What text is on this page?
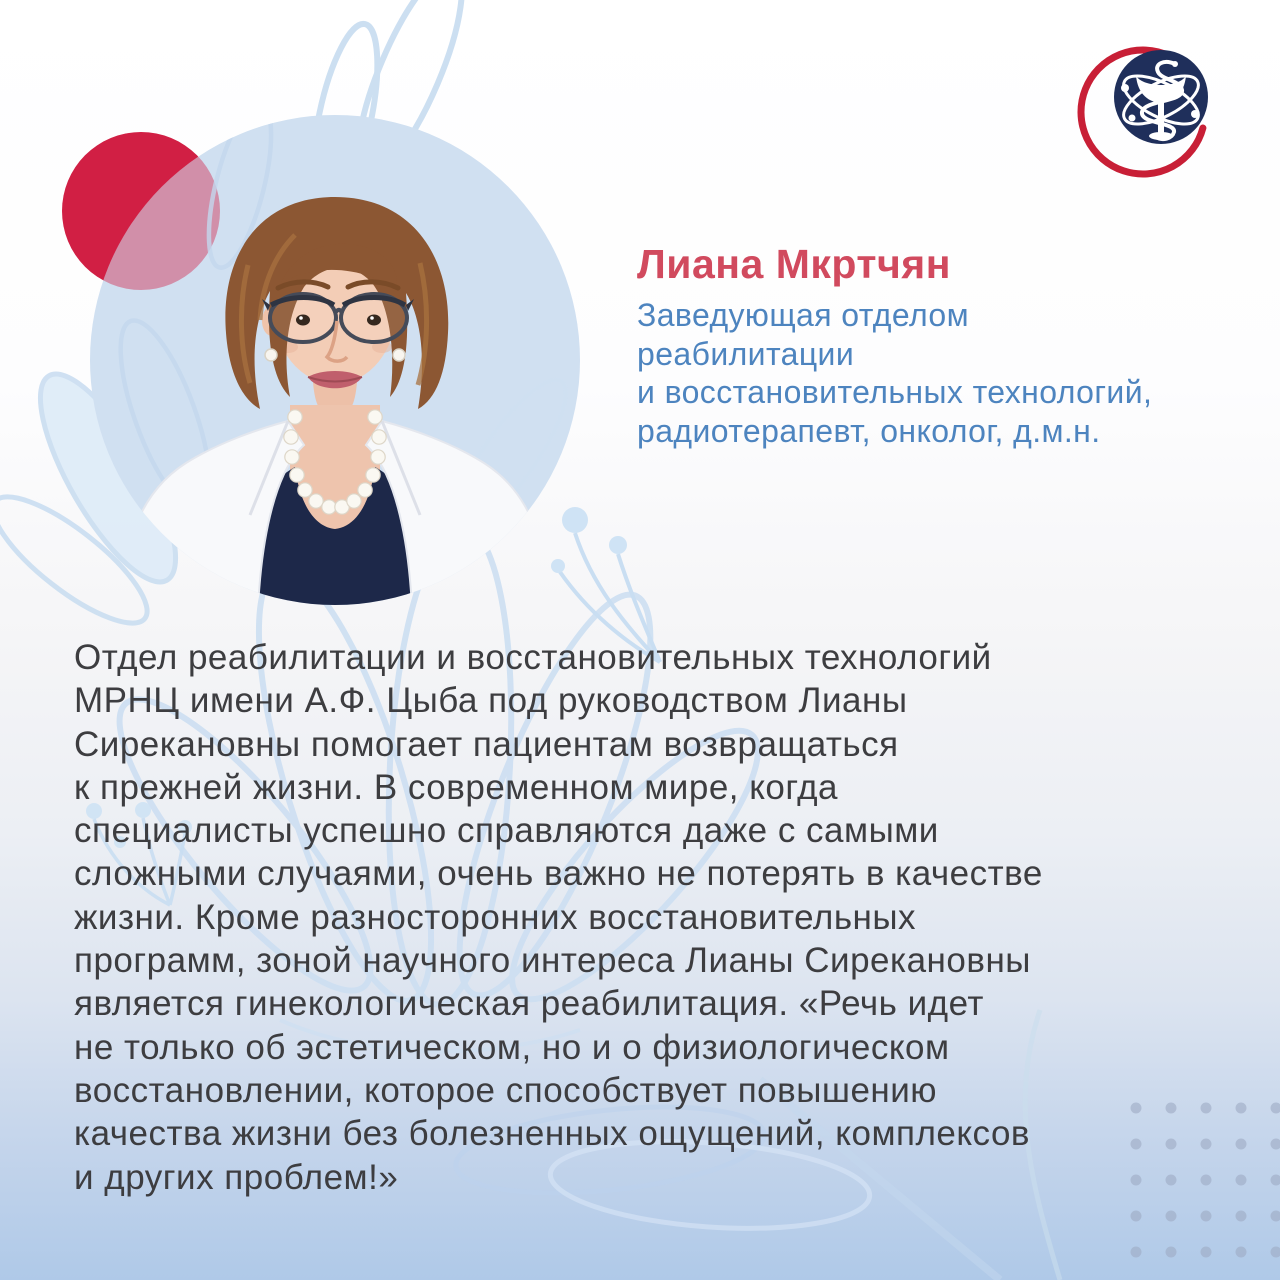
Лиана Мкртчян
Заведующая отделом
реабилитации
и восстановительных технологий,
радиотерапевт, онколог, д.м.н.
Отдел реабилитации и восстановительных технологий
МРНЦ имени А.Ф. Цыба под руководством Лианы
Сирекановны помогает пациентам возвращаться
к прежней жизни. В современном мире, когда
специалисты успешно справляются даже с самыми
сложными случаями, очень важно не потерять в качестве
жизни. Кроме разносторонних восстановительных
программ, зоной научного интереса Лианы Сирекановны
является гинекологическая реабилитация. «Речь идет
не только об эстетическом, но и о физиологическом
восстановлении, которое способствует повышению
качества жизни без болезненных ощущений, комплексов
и других проблем!»
